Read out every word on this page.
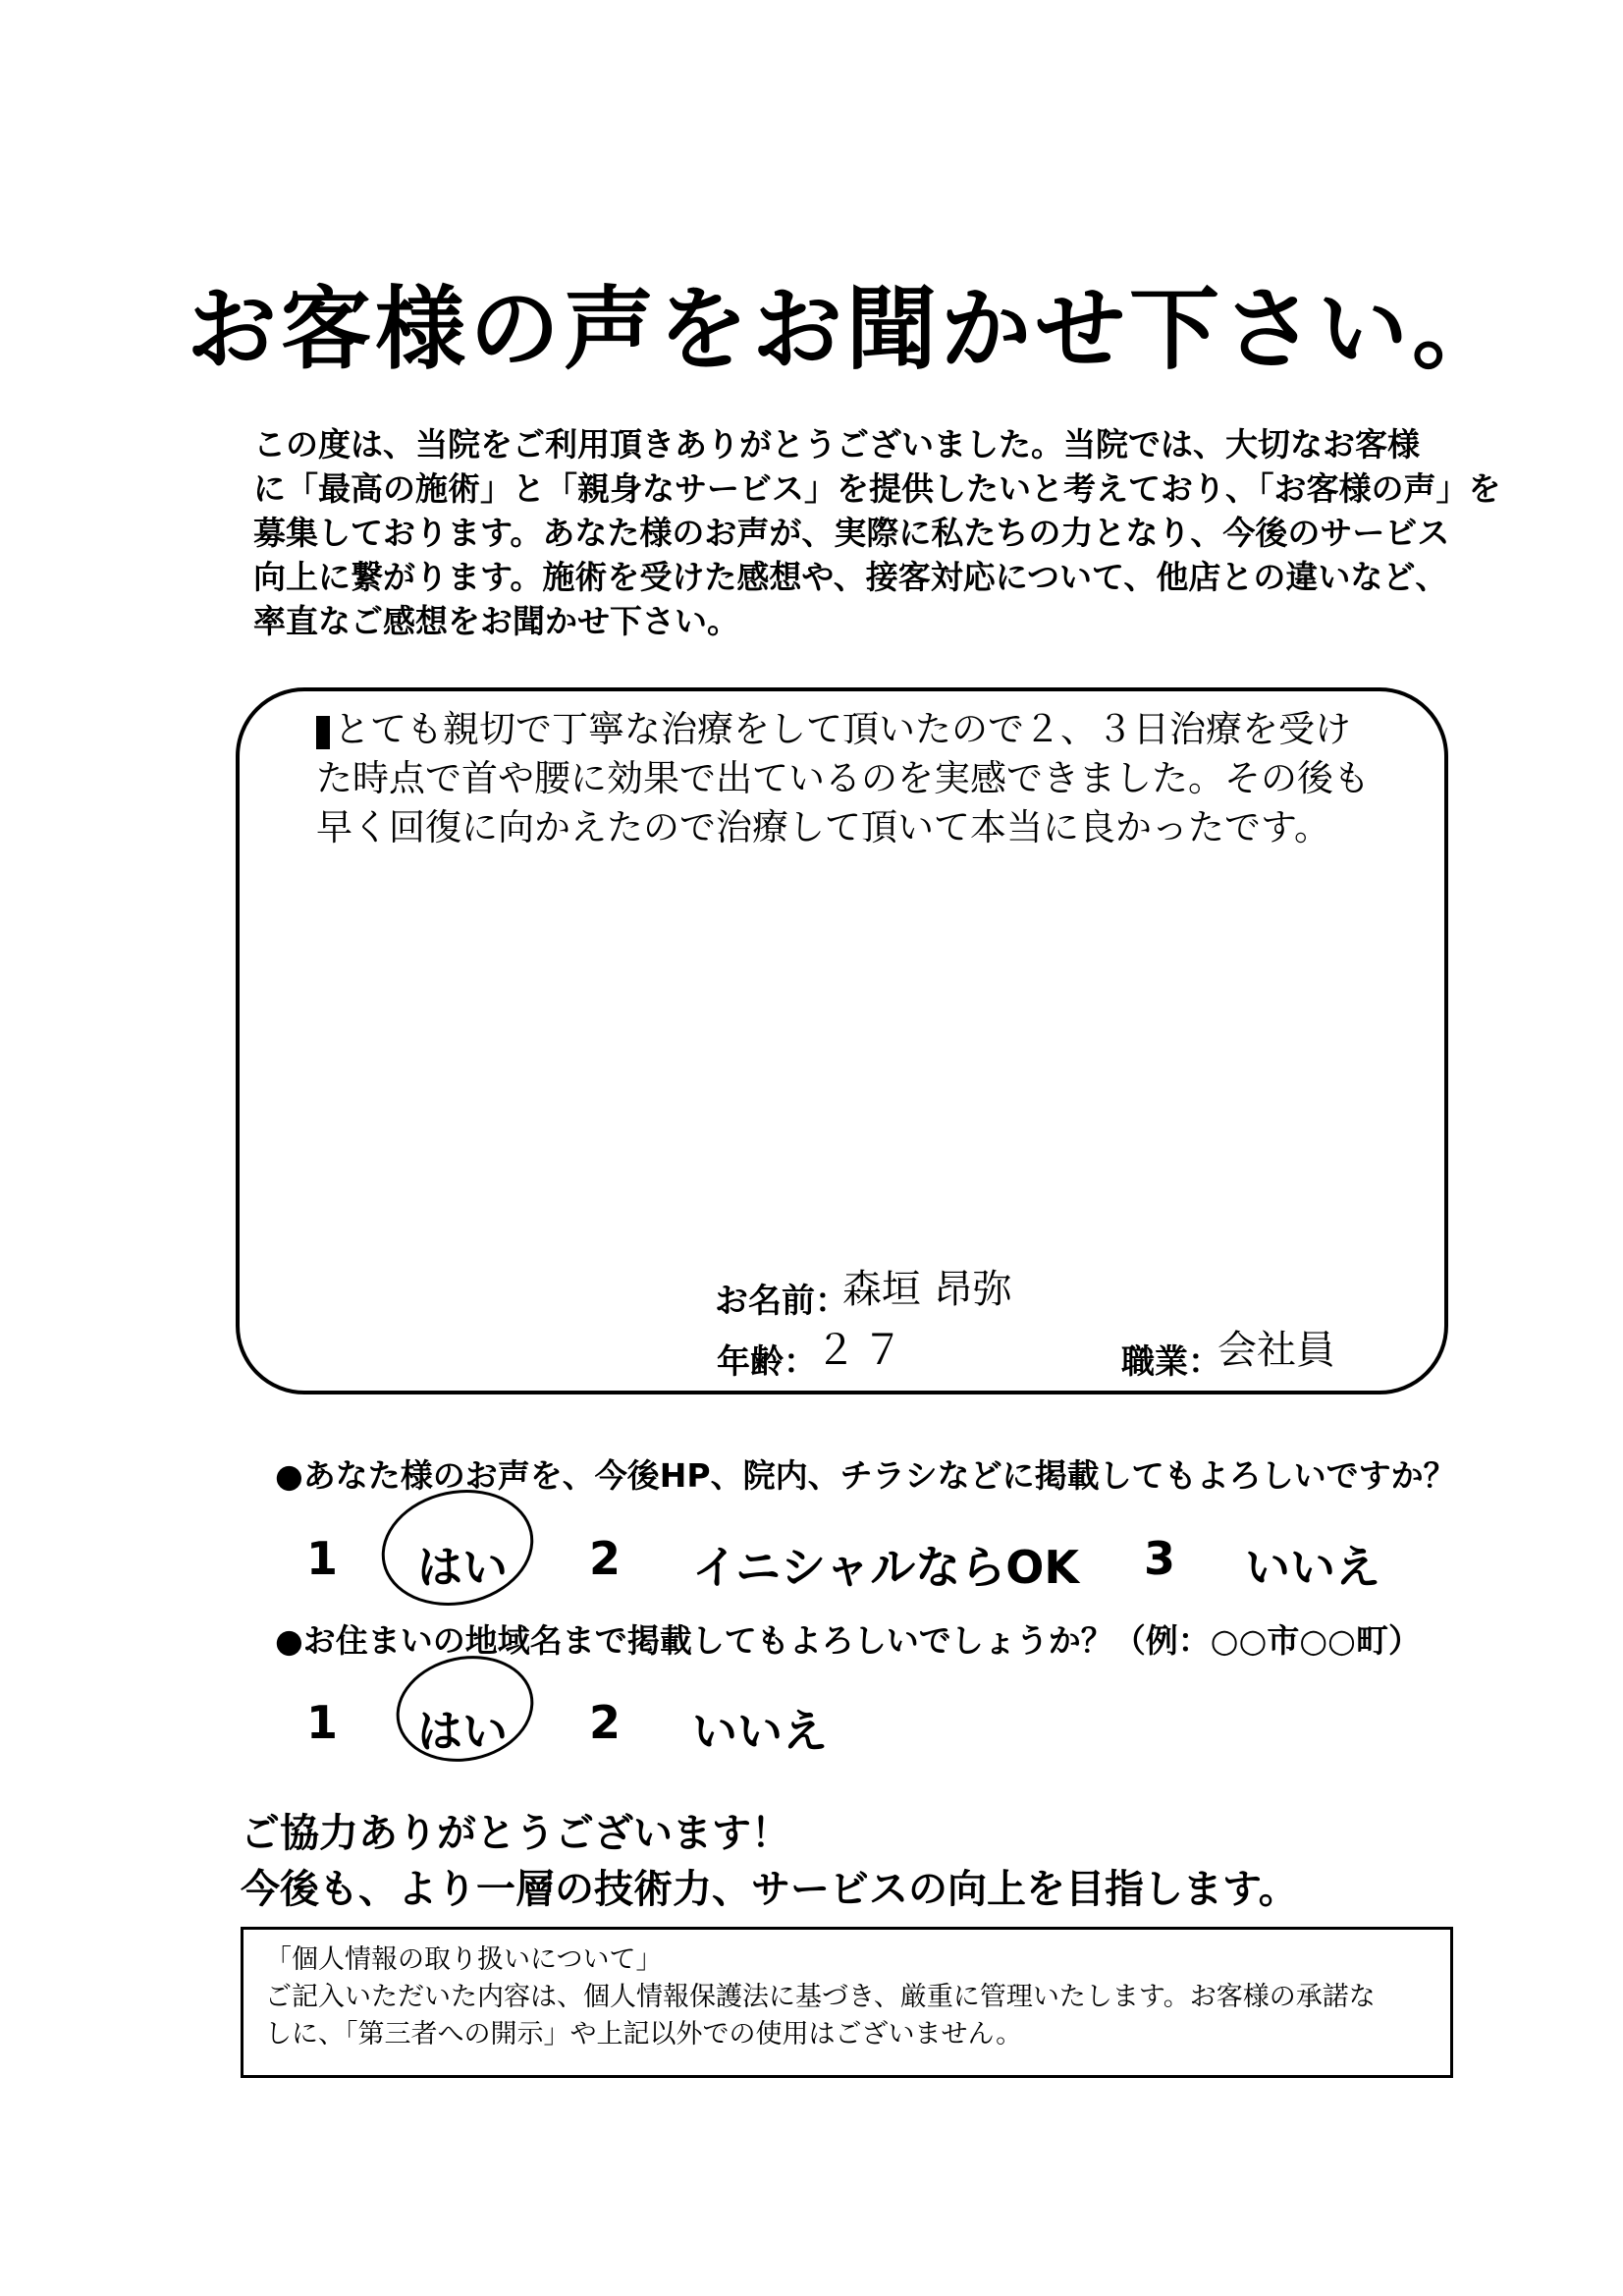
お客様の声をお聞かせ下さい。

この度は、当院をご利用頂きありがとうございました。当院では、大切なお客様

に「最高の施術」と「親身なサービス」を提供したいと考えており、「お客様の声」を

募集しております。あなた様のお声が、実際に私たちの力となり、今後のサービス

向上に繋がります。施術を受けた感想や、接客対応について、他店との違いなど、

率直なご感想をお聞かせ下さい。

とても親切で丁寧な治療をして頂いたので２、３日治療を受け

た時点で首や腰に効果で出ているのを実感できました。その後も

早く回復に向かえたので治療して頂いて本当に良かったです。

お名前：
森垣 昂弥
年齢：
２７	職業：
会社員
●あなた様のお声を、今後HP、院内、チラシなどに掲載してもよろしいですか？
1 はい 2 イニシャルならOK 3 いいえ
●お住まいの地域名まで掲載してもよろしいでしょうか？（例：○○市○○町）
1 はい 2 いいえ
ご協力ありがとうございます！
今後も、より一層の技術力、サービスの向上を目指します。

「個人情報の取り扱いについて」

ご記入いただいた内容は、個人情報保護法に基づき、厳重に管理いたします。お客様の承諾な

しに、「第三者への開示」や上記以外での使用はございません。
